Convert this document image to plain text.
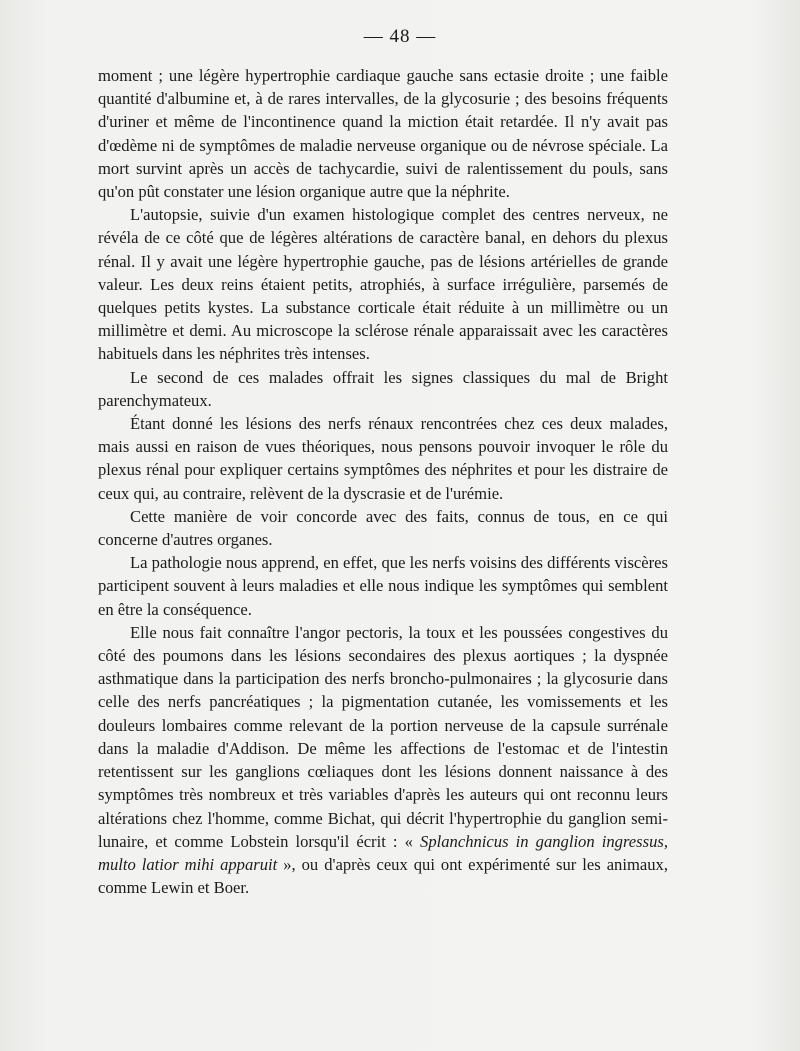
— 48 —

moment ; une légère hypertrophie cardiaque gauche sans ectasie droite ; une faible quantité d'albumine et, à de rares intervalles, de la glycosurie ; des besoins fréquents d'uriner et même de l'incontinence quand la miction était retardée. Il n'y avait pas d'œdème ni de symptômes de maladie nerveuse organique ou de névrose spéciale. La mort survint après un accès de tachycardie, suivi de ralentissement du pouls, sans qu'on pût constater une lésion organique autre que la néphrite.

L'autopsie, suivie d'un examen histologique complet des centres nerveux, ne révéla de ce côté que de légères altérations de caractère banal, en dehors du plexus rénal. Il y avait une légère hypertrophie gauche, pas de lésions artérielles de grande valeur. Les deux reins étaient petits, atrophiés, à surface irrégulière, parsemés de quelques petits kystes. La substance corticale était réduite à un millimètre ou un millimètre et demi. Au microscope la sclérose rénale apparaissait avec les caractères habituels dans les néphrites très intenses.

Le second de ces malades offrait les signes classiques du mal de Bright parenchymateux.

Étant donné les lésions des nerfs rénaux rencontrées chez ces deux malades, mais aussi en raison de vues théoriques, nous pensons pouvoir invoquer le rôle du plexus rénal pour expliquer certains symptômes des néphrites et pour les distraire de ceux qui, au contraire, relèvent de la dyscrasie et de l'urémie.

Cette manière de voir concorde avec des faits, connus de tous, en ce qui concerne d'autres organes.

La pathologie nous apprend, en effet, que les nerfs voisins des différents viscères participent souvent à leurs maladies et elle nous indique les symptômes qui semblent en être la conséquence.

Elle nous fait connaître l'angor pectoris, la toux et les poussées congestives du côté des poumons dans les lésions secondaires des plexus aortiques ; la dyspnée asthmatique dans la participation des nerfs broncho-pulmonaires ; la glycosurie dans celle des nerfs pancréatiques ; la pigmentation cutanée, les vomissements et les douleurs lombaires comme relevant de la portion nerveuse de la capsule surrénale dans la maladie d'Addison. De même les affections de l'estomac et de l'intestin retentissent sur les ganglions cœliaques dont les lésions donnent naissance à des symptômes très nombreux et très variables d'après les auteurs qui ont reconnu leurs altérations chez l'homme, comme Bichat, qui décrit l'hypertrophie du ganglion semi-lunaire, et comme Lobstein lorsqu'il écrit : « Splanchnicus in ganglion ingressus, multo latior mihi apparuit », ou d'après ceux qui ont expérimenté sur les animaux, comme Lewin et Boer.
